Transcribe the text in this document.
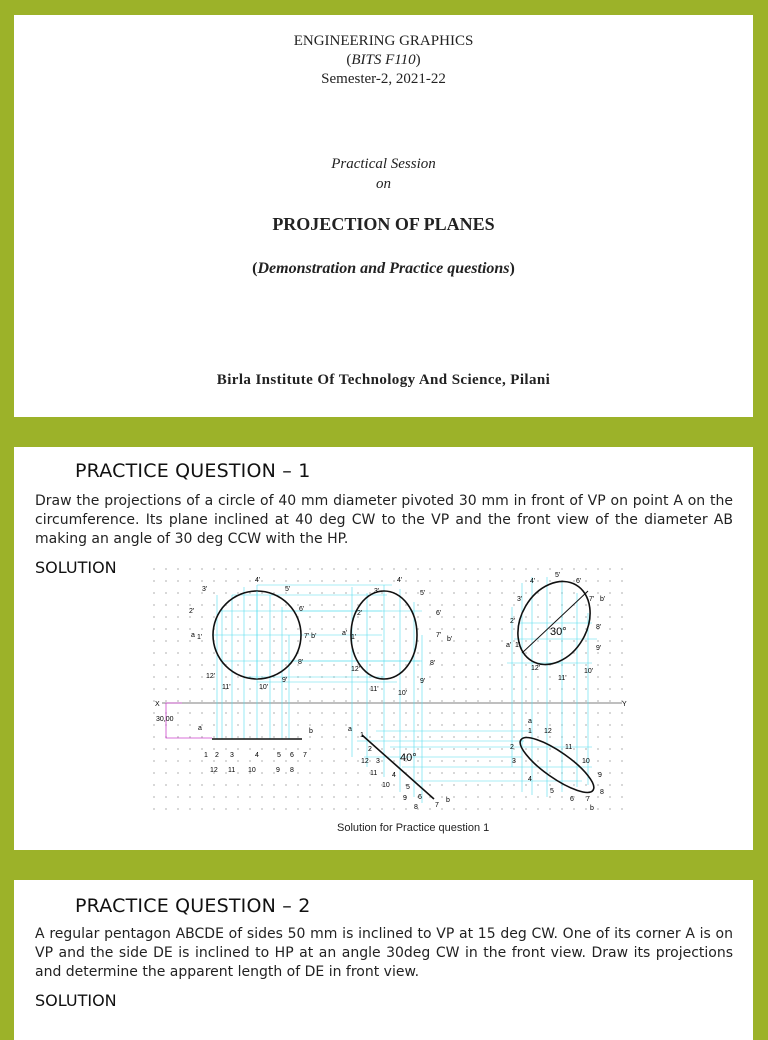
ENGINEERING GRAPHICS
(BITS F110)
Semester-2, 2021-22
Practical Session
on
PROJECTION OF PLANES
(Demonstration and Practice questions)
Birla Institute Of Technology And Science, Pilani
PRACTICE QUESTION – 1
Draw the projections of a circle of 40 mm diameter pivoted 30 mm in front of VP on point A on the circumference. Its plane inclined at 40 deg CW to the VP and the front view of the diameter AB making an angle of 30 deg CCW with the HP.
SOLUTION
X	Y
30,00
3'
4'
5'
6'
2'
a 1'	7' b'
8'
9'
10'
11'
12'
a	b
1 2 3	4	5 6 7
12 11 10	9 8
2'
3'
4'
5'
6'
a'
1'	7'
b'
8'
9'
10'
11'
12'
40°
a
1
2
12 3
11 4
10 5
9 6
8 7
b
30°
3'
4'
5'
6'
7' b'
2'
a' 1'
8'
9'
10'
11'
12'
a
1 12
2	11
3	10
4
9
5	8
6 7
b
Solution for Practice question 1
PRACTICE QUESTION – 2
A regular pentagon ABCDE of sides 50 mm is inclined to VP at 15 deg CW. One of its corner A is on VP and the side DE is inclined to HP at an angle 30deg CW in the front view. Draw its projections and determine the apparent length of DE in front view.
SOLUTION
